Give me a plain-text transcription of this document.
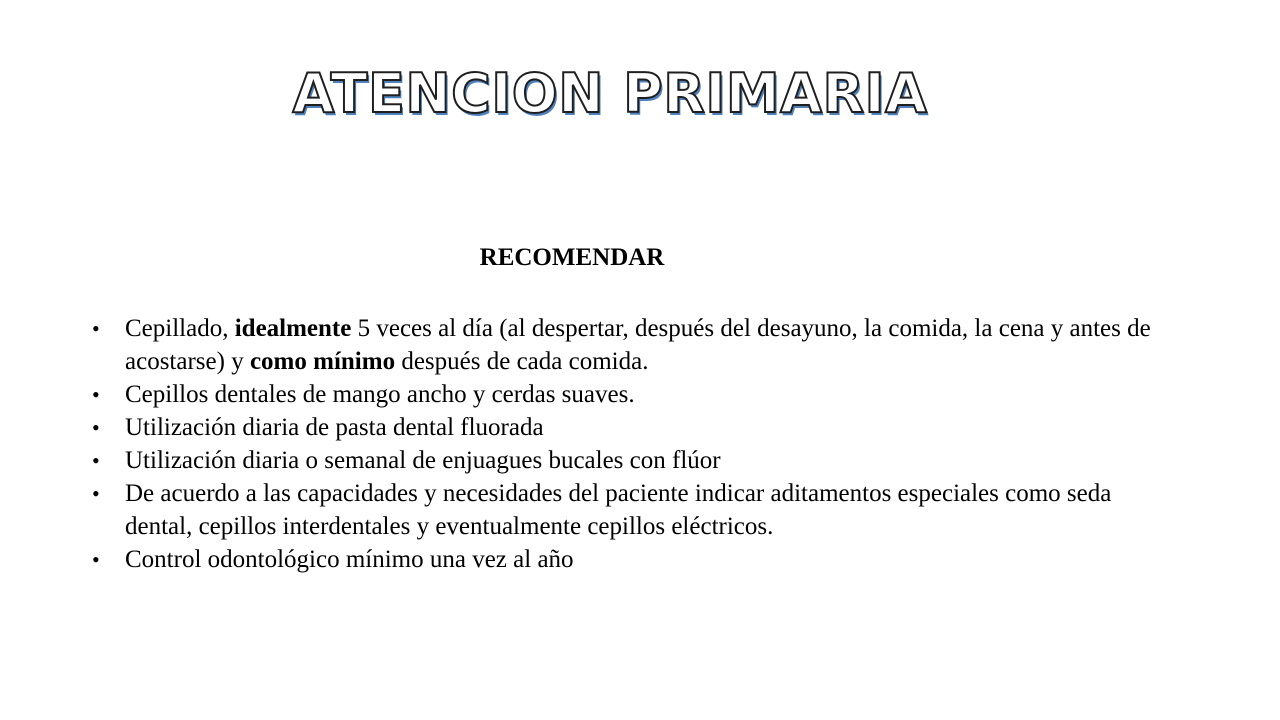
ATENCION PRIMARIA
RECOMENDAR
•	Cepillado, idealmente 5 veces al día (al despertar, después del desayuno, la comida, la cena y antes de acostarse) y como mínimo después de cada comida.
•	Cepillos dentales de mango ancho y cerdas suaves.
•	Utilización diaria de pasta dental fluorada
•	Utilización diaria o semanal de enjuagues bucales con flúor
•	De acuerdo a las capacidades y necesidades del paciente indicar aditamentos especiales como seda dental, cepillos interdentales y eventualmente cepillos eléctricos.
•	Control odontológico mínimo una vez al año
